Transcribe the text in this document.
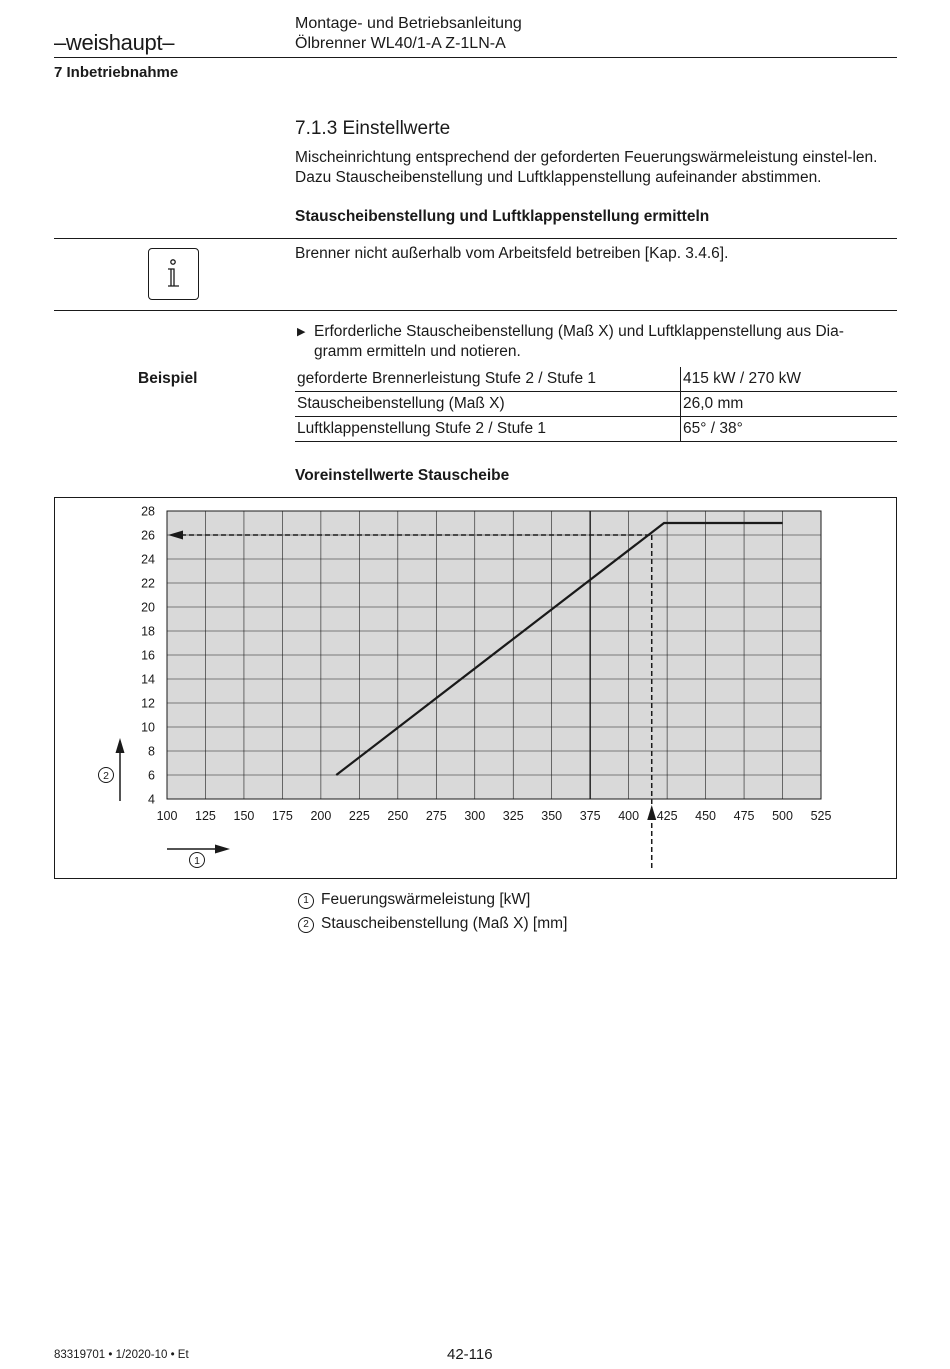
–weishaupt–
Montage- und Betriebsanleitung
Ölbrenner WL40/1-A Z-1LN-A
7 Inbetriebnahme
7.1.3 Einstellwerte
Mischeinrichtung entsprechend der geforderten Feuerungswärmeleistung einstel-len. Dazu Stauscheibenstellung und Luftklappenstellung aufeinander abstimmen.
Stauscheibenstellung und Luftklappenstellung ermitteln
Brenner nicht außerhalb vom Arbeitsfeld betreiben [Kap. 3.4.6].
▶ Erforderliche Stauscheibenstellung (Maß X) und Luftklappenstellung aus Dia-gramm ermitteln und notieren.
Beispiel	geforderte Brennerleistung Stufe 2 / Stufe 1	415 kW / 270 kW
Stauscheibenstellung (Maß X)	26,0 mm
Luftklappenstellung Stufe 2 / Stufe 1	65° / 38°
Voreinstellwerte Stauscheibe
100 125 150 175 200 225 250 275 300 325 350 375 400 425 450 475 500 525
4
6
8
10
12
14
16
18
20
22
24
26
28
1
2
1 Feuerungswärmeleistung [kW]
2 Stauscheibenstellung (Maß X) [mm]
83319701 • 1/2020-10 • Et	42-116
